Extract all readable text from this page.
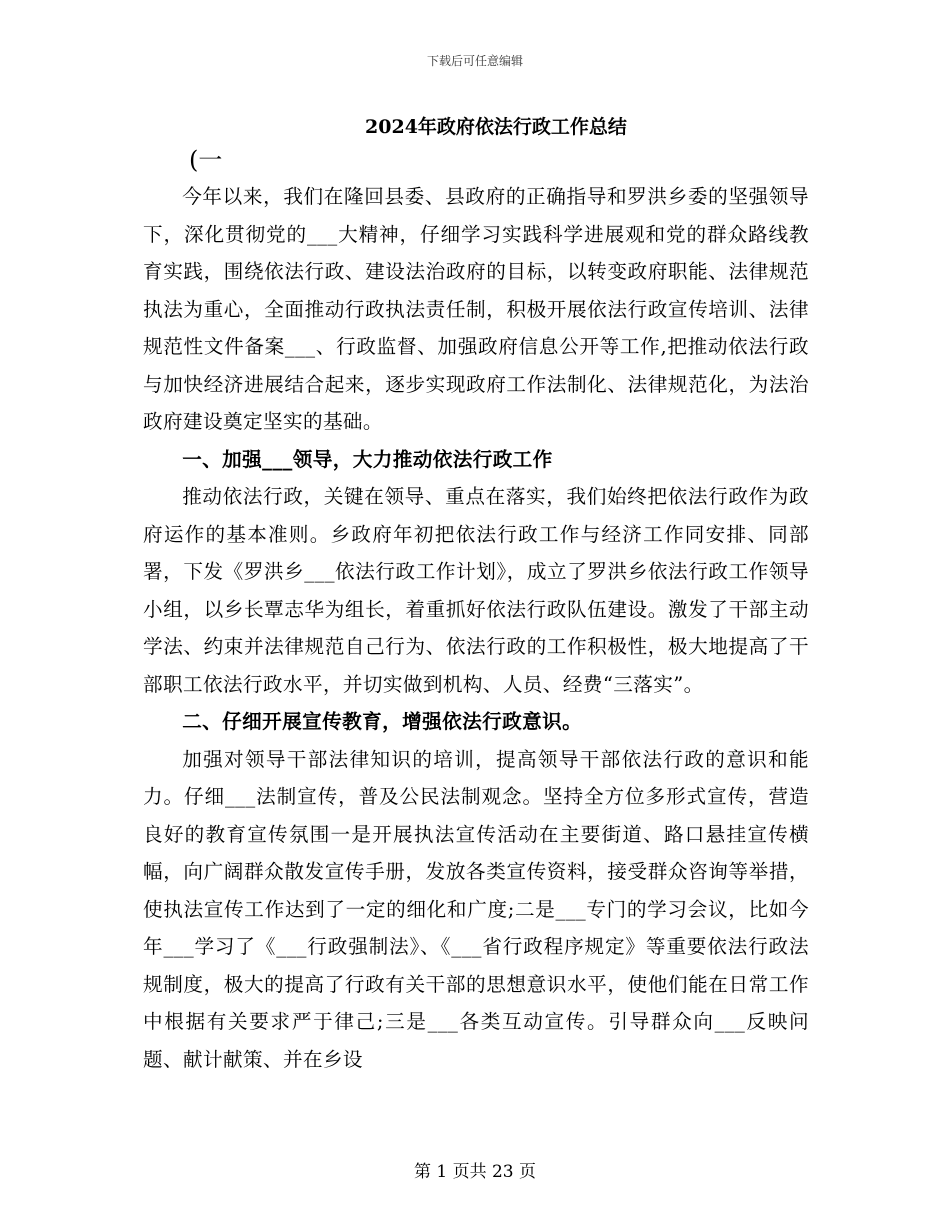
下载后可任意编辑

2024年政府依法行政工作总结

(一

今年以来，我们在隆回县委、县政府的正确指导和罗洪乡委的坚强领导下，深化贯彻党的___大精神，仔细学习实践科学进展观和党的群众路线教育实践，围绕依法行政、建设法治政府的目标，以转变政府职能、法律规范执法为重心，全面推动行政执法责任制，积极开展依法行政宣传培训、法律规范性文件备案___、行政监督、加强政府信息公开等工作,把推动依法行政与加快经济进展结合起来，逐步实现政府工作法制化、法律规范化，为法治政府建设奠定坚实的基础。

一、加强___领导，大力推动依法行政工作

推动依法行政，关键在领导、重点在落实，我们始终把依法行政作为政府运作的基本准则。乡政府年初把依法行政工作与经济工作同安排、同部署，下发《罗洪乡___依法行政工作计划》，成立了罗洪乡依法行政工作领导小组，以乡长覃志华为组长，着重抓好依法行政队伍建设。激发了干部主动学法、约束并法律规范自己行为、依法行政的工作积极性，极大地提高了干部职工依法行政水平，并切实做到机构、人员、经费“三落实”。

二、仔细开展宣传教育，增强依法行政意识。

加强对领导干部法律知识的培训，提高领导干部依法行政的意识和能力。仔细___法制宣传，普及公民法制观念。坚持全方位多形式宣传，营造良好的教育宣传氛围一是开展执法宣传活动在主要街道、路口悬挂宣传横幅，向广阔群众散发宣传手册，发放各类宣传资料，接受群众咨询等举措，使执法宣传工作达到了一定的细化和广度;二是___专门的学习会议，比如今年___学习了《___行政强制法》、《___省行政程序规定》等重要依法行政法规制度，极大的提高了行政有关干部的思想意识水平，使他们能在日常工作中根据有关要求严于律己;三是___各类互动宣传。引导群众向___反映问题、献计献策、并在乡设

第 1 页共 23 页
